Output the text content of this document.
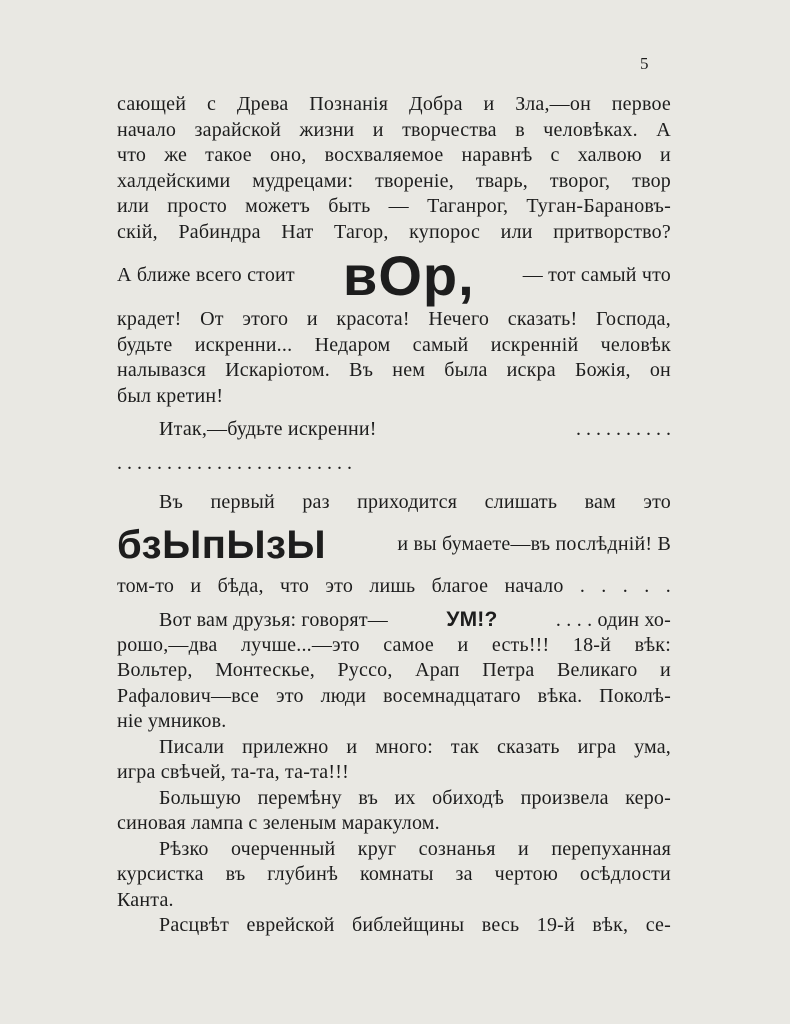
5
сающей с Древа Познанія Добра и Зла,—он первое
начало зарайской жизни и творчества в человѣках. А
что же такое оно, восхваляемое наравнѣ с халвою и
халдейскими мудрецами: твореніе, тварь, творог, твор
или просто можетъ быть — Таганрог, Туган-Барановъ-
скій, Рабиндра Нат Тагор, купорос или притворство?
А ближе всего стоит вОр, — тот самый что
крадет! От этого и красота! Нечего сказать! Господа,
будьте искренни... Недаром самый искренній человѣк
налывазся Искаріотом. Въ нем была искра Божія, он
был кретин!
Итак,—будьте искренни!	. . . . . . . . . .
. . . . . . . . . . . . . . . . . . . . . . . .
Въ первый раз приходится слишать вам это
бзЫпЫзЫ	и вы бумаете—въ послѣдній! В
том-то и бѣда, что это лишь благое начало . . . . .
Вот вам друзья: говорят—	УМ!?	. . . . один хо-
рошо,—два лучше...—это самое и есть!!! 18-й вѣк:
Вольтер, Монтескье, Руссо, Арап Петра Великаго и
Рафалович—все это люди восемнадцатаго вѣка. Поколѣ-
ніе умников.
Писали прилежно и много: так сказать игра ума,
игра свѣчей, та-та, та-та!!!
Большую перемѣну въ их обиходѣ произвела керо-
синовая лампа с зеленым маракулом.
Рѣзко очерченный круг сознанья и перепуханная
курсистка въ глубинѣ комнаты за чертою осѣдлости
Канта.
Расцвѣт еврейской библейщины весь 19-й вѣк, се-
